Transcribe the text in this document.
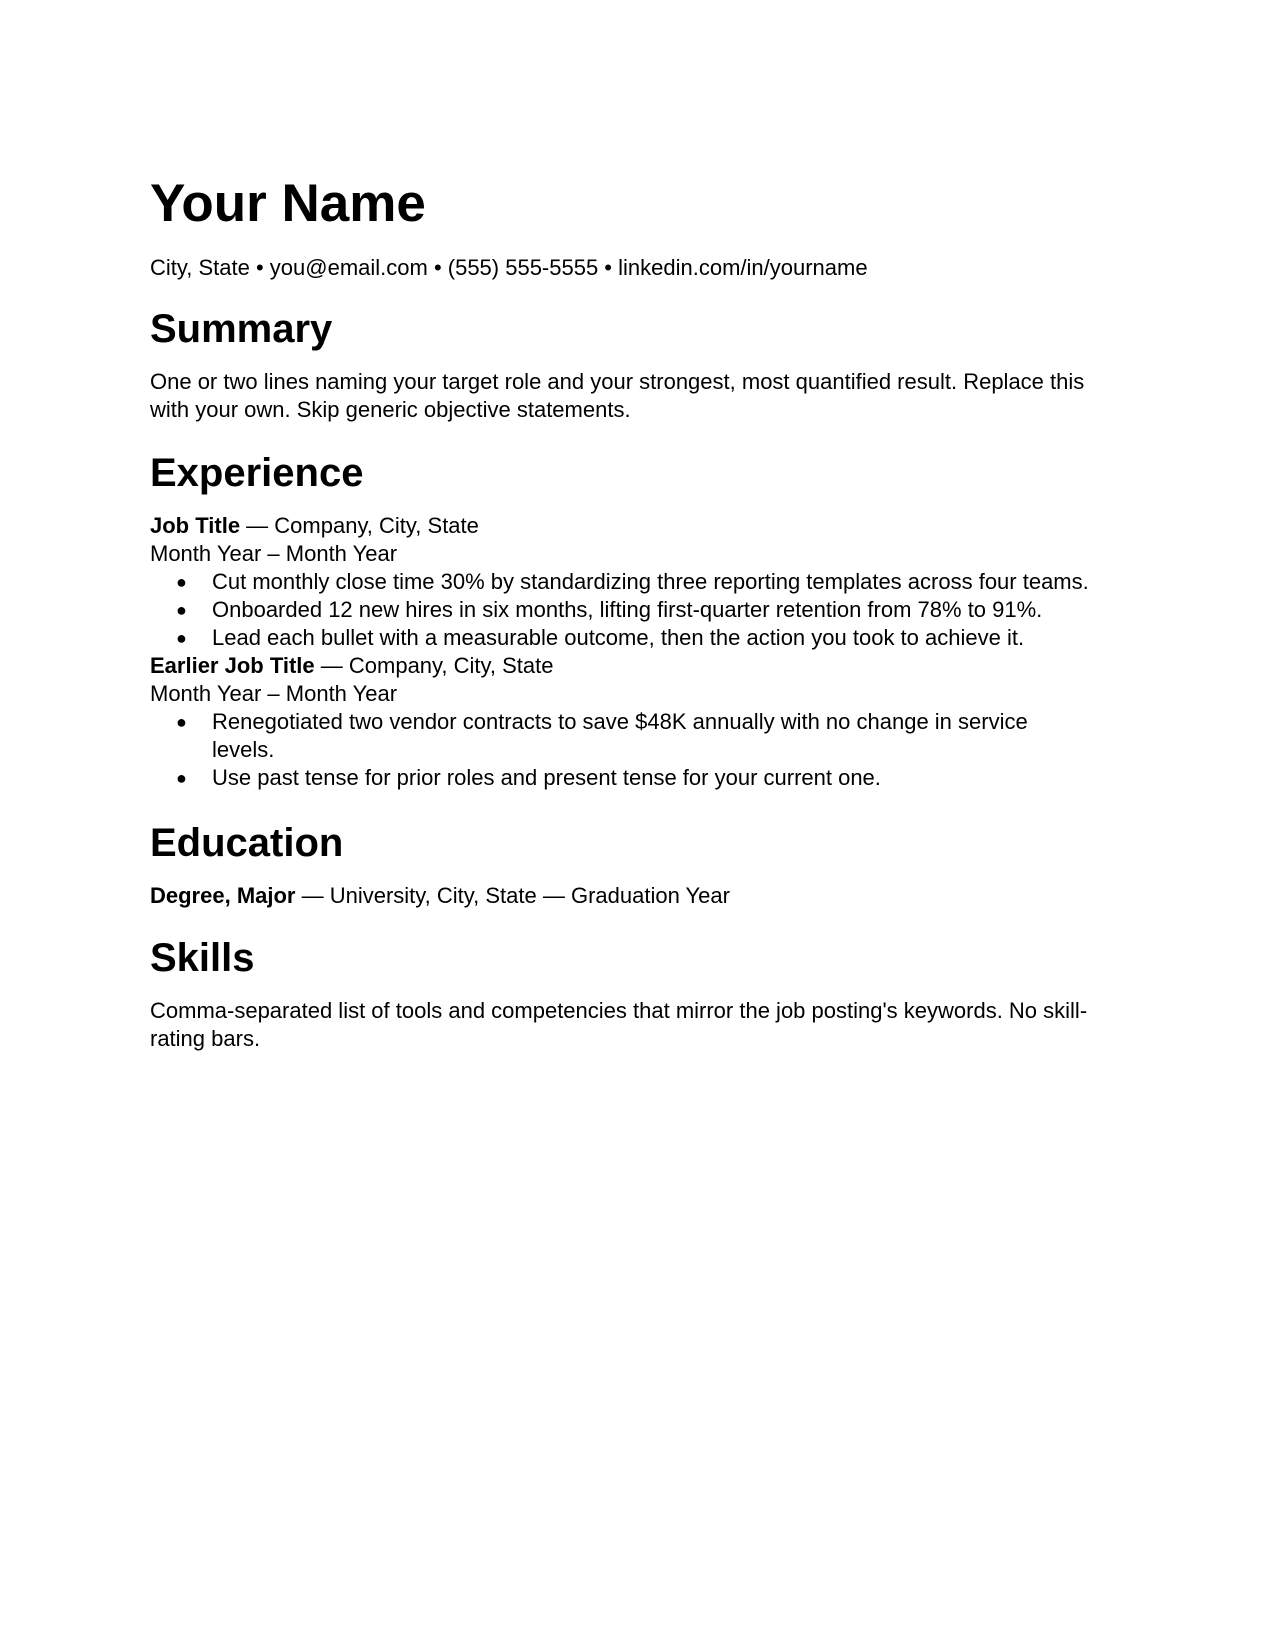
Your Name

City, State • you@email.com • (555) 555-5555 • linkedin.com/in/yourname

Summary

One or two lines naming your target role and your strongest, most quantified result. Replace this with your own. Skip generic objective statements.

Experience

Job Title — Company, City, State

Month Year – Month Year

● Cut monthly close time 30% by standardizing three reporting templates across four teams.
● Onboarded 12 new hires in six months, lifting first-quarter retention from 78% to 91%.
● Lead each bullet with a measurable outcome, then the action you took to achieve it.

Earlier Job Title — Company, City, State

Month Year – Month Year

● Renegotiated two vendor contracts to save $48K annually with no change in service levels.
● Use past tense for prior roles and present tense for your current one.
Education

Degree, Major — University, City, State — Graduation Year

Skills

Comma-separated list of tools and competencies that mirror the job posting's keywords. No skill-rating bars.
